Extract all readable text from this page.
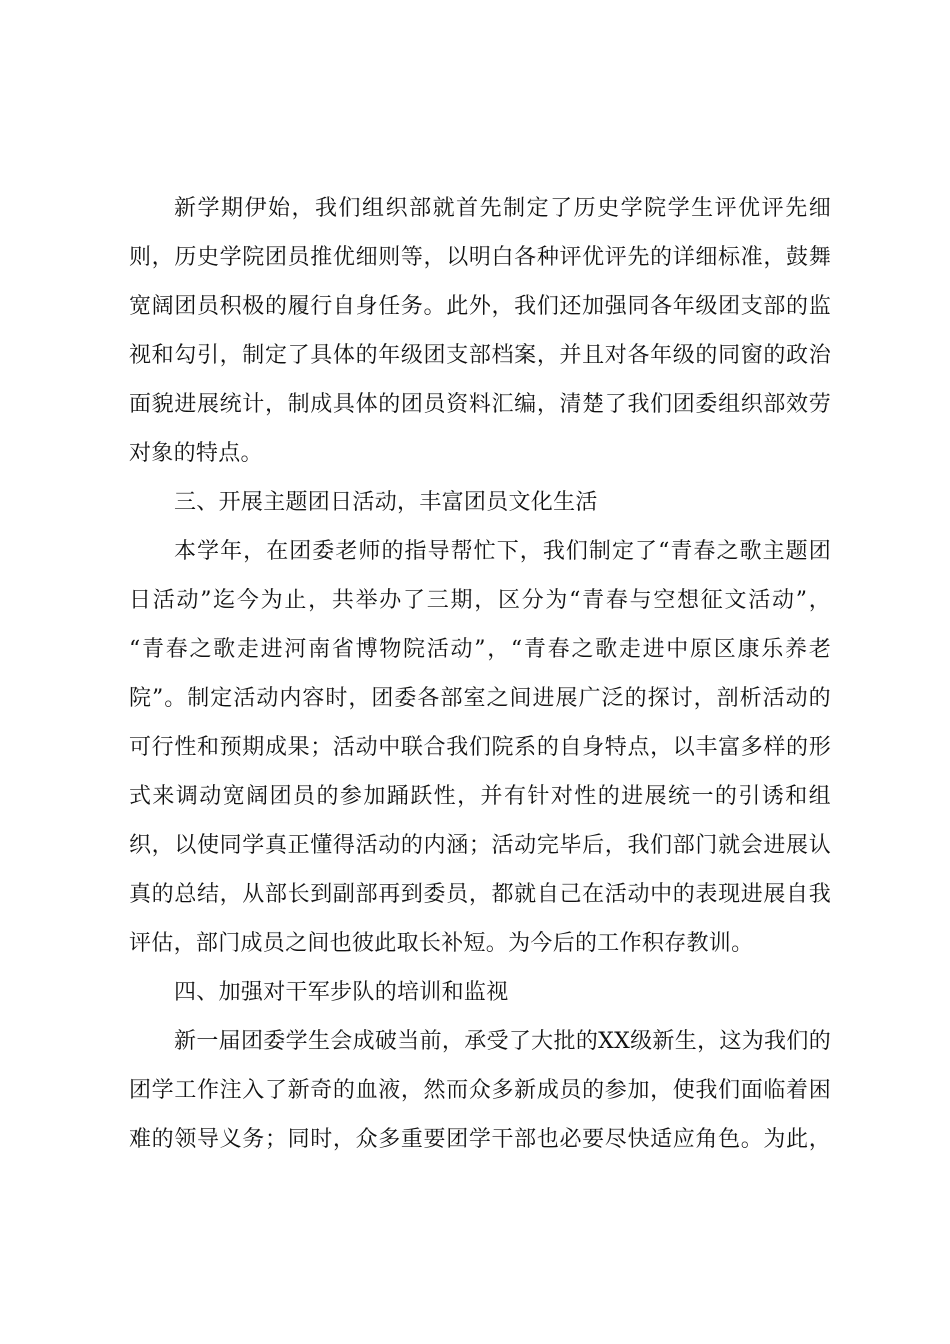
新学期伊始，我们组织部就首先制定了历史学院学生评优评先细
则，历史学院团员推优细则等，以明白各种评优评先的详细标准，鼓舞
宽阔团员积极的履行自身任务。此外，我们还加强同各年级团支部的监
视和勾引，制定了具体的年级团支部档案，并且对各年级的同窗的政治
面貌进展统计，制成具体的团员资料汇编，清楚了我们团委组织部效劳
对象的特点。
三、开展主题团日活动，丰富团员文化生活
本学年，在团委老师的指导帮忙下，我们制定了“青春之歌主题团
日活动”迄今为止，共举办了三期，区分为“青春与空想征文活动”，
“青春之歌走进河南省博物院活动”，“青春之歌走进中原区康乐养老
院”。制定活动内容时，团委各部室之间进展广泛的探讨，剖析活动的
可行性和预期成果；活动中联合我们院系的自身特点，以丰富多样的形
式来调动宽阔团员的参加踊跃性，并有针对性的进展统一的引诱和组
织，以使同学真正懂得活动的内涵；活动完毕后，我们部门就会进展认
真的总结，从部长到副部再到委员，都就自己在活动中的表现进展自我
评估，部门成员之间也彼此取长补短。为今后的工作积存教训。
四、加强对干军步队的培训和监视
新一届团委学生会成破当前，承受了大批的XX级新生，这为我们的
团学工作注入了新奇的血液，然而众多新成员的参加，使我们面临着困
难的领导义务；同时，众多重要团学干部也必要尽快适应角色。为此，
